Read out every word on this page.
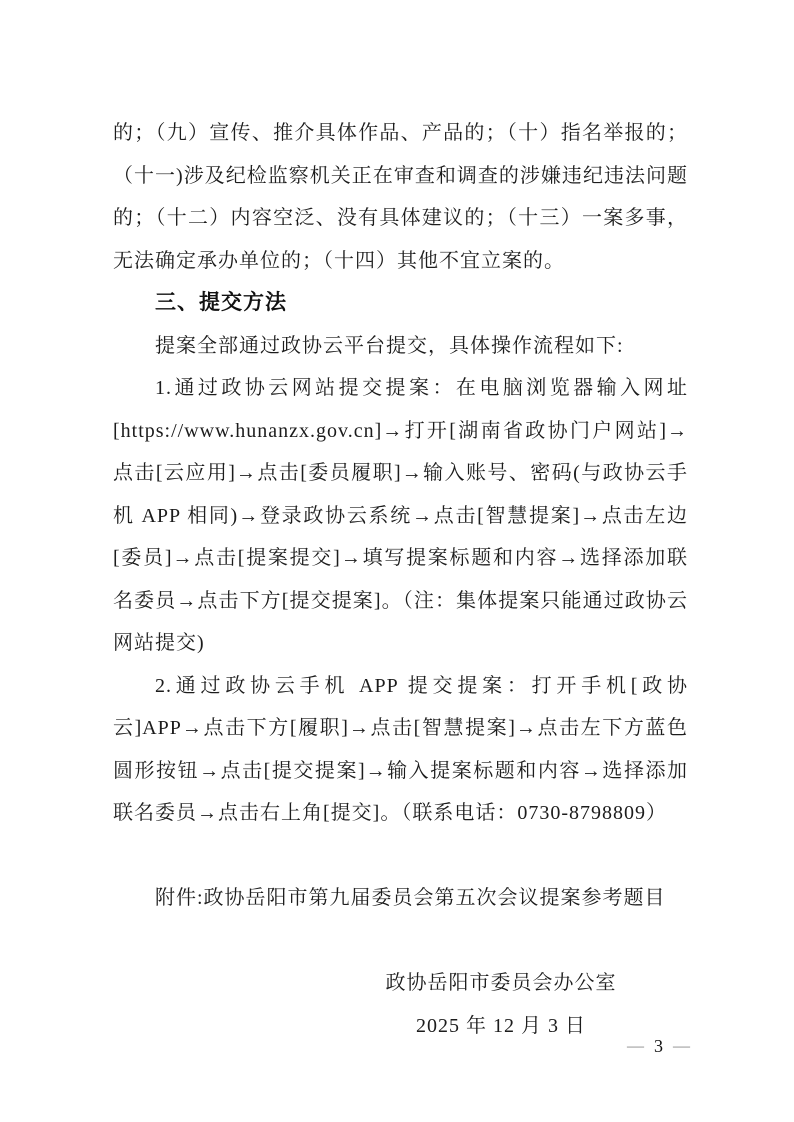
的；（九）宣传、推介具体作品、产品的；（十）指名举报的；（十一)涉及纪检监察机关正在审查和调查的涉嫌违纪违法问题的；（十二）内容空泛、没有具体建议的；（十三）一案多事，无法确定承办单位的；（十四）其他不宜立案的。

三、提交方法

提案全部通过政协云平台提交，具体操作流程如下:

1.通过政协云网站提交提案：在电脑浏览器输入网址[https://www.hunanzx.gov.cn]→打开[湖南省政协门户网站]→点击[云应用]→点击[委员履职]→输入账号、密码(与政协云手机 APP 相同)→登录政协云系统→点击[智慧提案]→点击左边[委员]→点击[提案提交]→填写提案标题和内容→选择添加联名委员→点击下方[提交提案]。（注：集体提案只能通过政协云网站提交)

2.通过政协云手机 APP 提交提案：打开手机[政协云]APP→点击下方[履职]→点击[智慧提案]→点击左下方蓝色圆形按钮→点击[提交提案]→输入提案标题和内容→选择添加联名委员→点击右上角[提交]。（联系电话：0730-8798809）

附件:政协岳阳市第九届委员会第五次会议提案参考题目

政协岳阳市委员会办公室

2025 年 12 月 3 日

— 3 —
